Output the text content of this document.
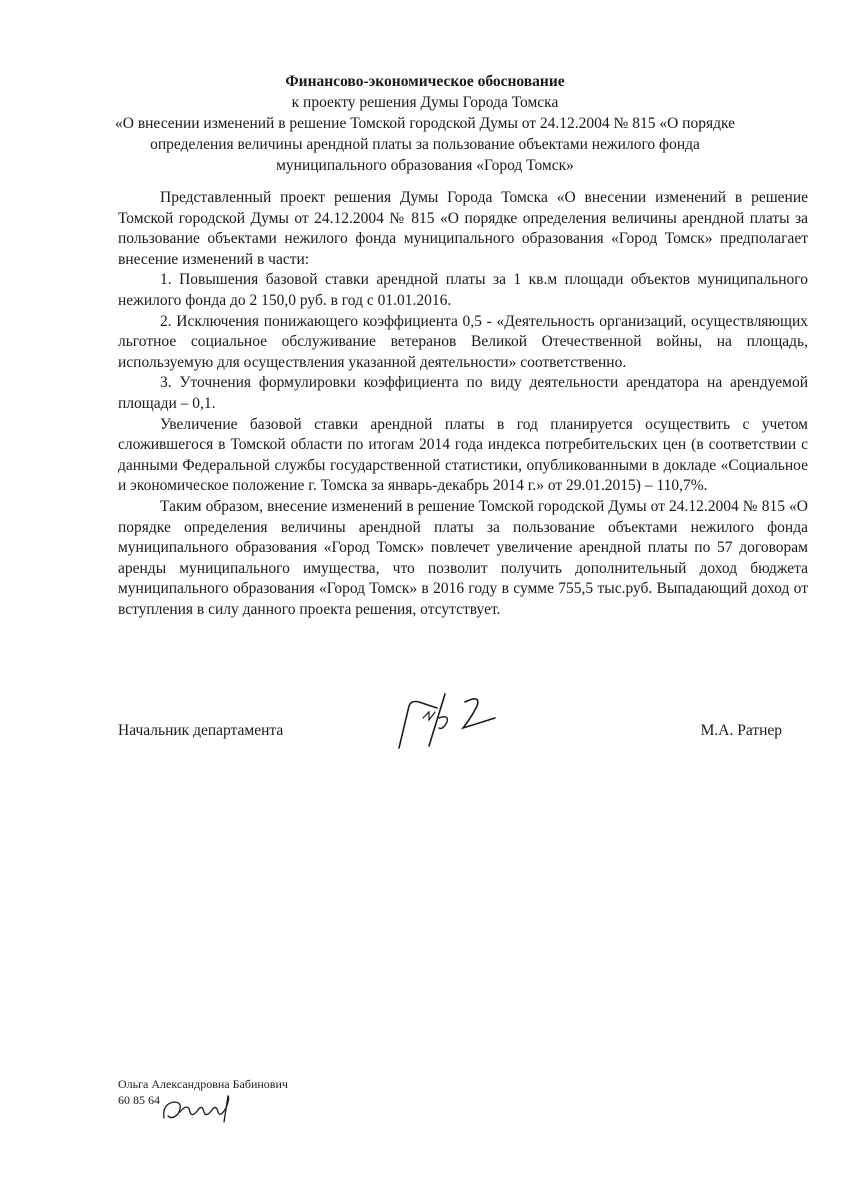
Финансово-экономическое обоснование
к проекту решения Думы Города Томска
«О внесении изменений в решение Томской городской Думы от 24.12.2004 № 815 «О порядке определения величины арендной платы за пользование объектами нежилого фонда муниципального образования «Город Томск»

Представленный проект решения Думы Города Томска «О внесении изменений в решение Томской городской Думы от 24.12.2004 № 815 «О порядке определения величины арендной платы за пользование объектами нежилого фонда муниципального образования «Город Томск» предполагает внесение изменений в части:

1. Повышения базовой ставки арендной платы за 1 кв.м площади объектов муниципального нежилого фонда до 2 150,0 руб. в год с 01.01.2016.

2. Исключения понижающего коэффициента 0,5 - «Деятельность организаций, осуществляющих льготное социальное обслуживание ветеранов Великой Отечественной войны, на площадь, используемую для осуществления указанной деятельности» соответственно.

3. Уточнения формулировки коэффициента по виду деятельности арендатора на арендуемой площади – 0,1.

Увеличение базовой ставки арендной платы в год планируется осуществить с учетом сложившегося в Томской области по итогам 2014 года индекса потребительских цен (в соответствии с данными Федеральной службы государственной статистики, опубликованными в докладе «Социальное и экономическое положение г. Томска за январь-декабрь 2014 г.» от 29.01.2015) – 110,7%.

Таким образом, внесение изменений в решение Томской городской Думы от 24.12.2004 № 815 «О порядке определения величины арендной платы за пользование объектами нежилого фонда муниципального образования «Город Томск» повлечет увеличение арендной платы по 57 договорам аренды муниципального имущества, что позволит получить дополнительный доход бюджета муниципального образования «Город Томск» в 2016 году в сумме 755,5 тыс.руб. Выпадающий доход от вступления в силу данного проекта решения, отсутствует.

Начальник департамента	М.А. Ратнер
Ольга Александровна Бабинович
60 85 64
